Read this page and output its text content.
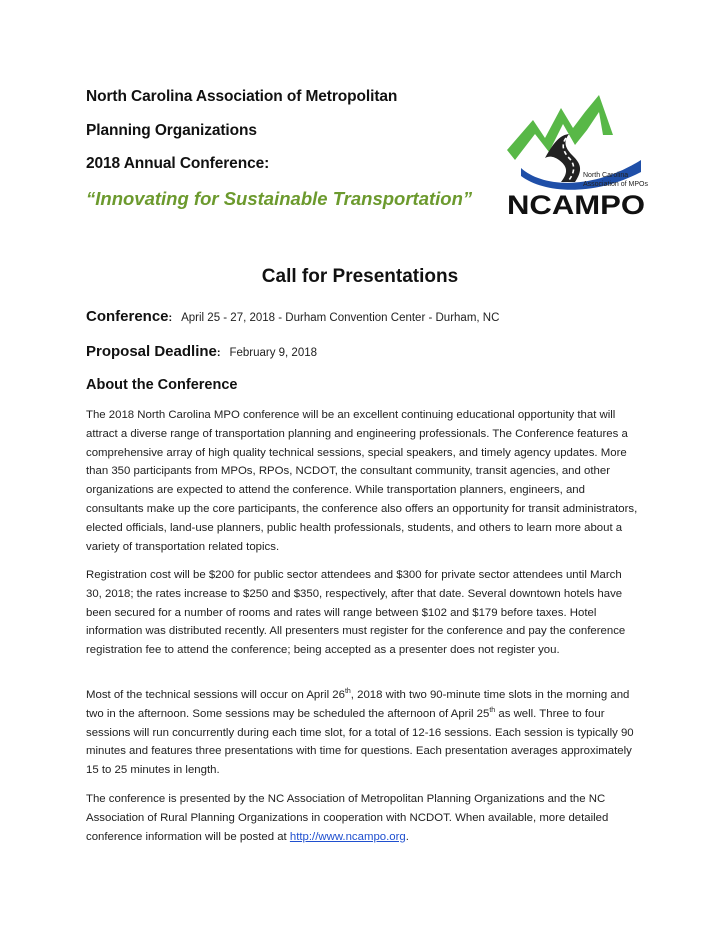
North Carolina Association of Metropolitan
Planning Organizations
2018 Annual Conference:
“Innovating for Sustainable Transportation”
North Carolina
Association of MPOs
NCAMPO
Call for Presentations
Conference: April 25 - 27, 2018 - Durham Convention Center - Durham, NC
Proposal Deadline: February 9, 2018
About the Conference

The 2018 North Carolina MPO conference will be an excellent continuing educational opportunity that will attract a diverse range of transportation planning and engineering professionals. The Conference features a comprehensive array of high quality technical sessions, special speakers, and timely agency updates. More than 350 participants from MPOs, RPOs, NCDOT, the consultant community, transit agencies, and other organizations are expected to attend the conference. While transportation planners, engineers, and consultants make up the core participants, the conference also offers an opportunity for transit administrators, elected officials, land-use planners, public health professionals, students, and others to learn more about a variety of transportation related topics.

Registration cost will be $200 for public sector attendees and $300 for private sector attendees until March 30, 2018; the rates increase to $250 and $350, respectively, after that date. Several downtown hotels have been secured for a number of rooms and rates will range between $102 and $179 before taxes. Hotel information was distributed recently. All presenters must register for the conference and pay the conference registration fee to attend the conference; being accepted as a presenter does not register you.

Most of the technical sessions will occur on April 26th, 2018 with two 90-minute time slots in the morning and two in the afternoon. Some sessions may be scheduled the afternoon of April 25th as well. Three to four sessions will run concurrently during each time slot, for a total of 12-16 sessions. Each session is typically 90 minutes and features three presentations with time for questions. Each presentation averages approximately 15 to 25 minutes in length.

The conference is presented by the NC Association of Metropolitan Planning Organizations and the NC Association of Rural Planning Organizations in cooperation with NCDOT. When available, more detailed conference information will be posted at http://www.ncampo.org.
